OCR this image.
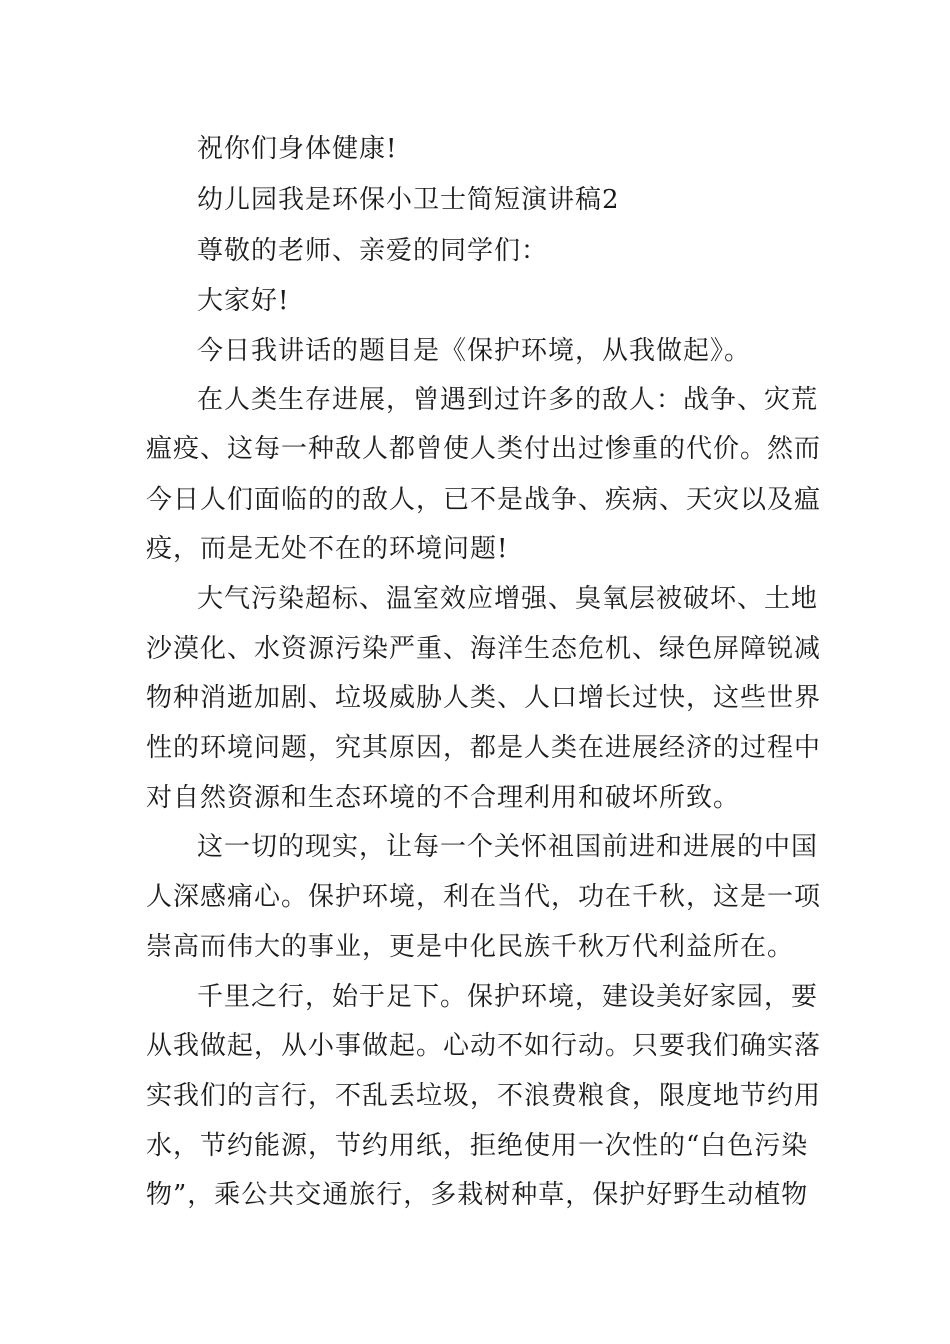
祝你们身体健康!
幼儿园我是环保小卫士简短演讲稿2
尊敬的老师、亲爱的同学们：
大家好!
今日我讲话的题目是《保护环境，从我做起》。
在人类生存进展，曾遇到过许多的敌人：战争、灾荒
瘟疫、这每一种敌人都曾使人类付出过惨重的代价。然而
今日人们面临的的敌人，已不是战争、疾病、天灾以及瘟
疫，而是无处不在的环境问题!
大气污染超标、温室效应增强、臭氧层被破坏、土地
沙漠化、水资源污染严重、海洋生态危机、绿色屏障锐减
物种消逝加剧、垃圾威胁人类、人口增长过快，这些世界
性的环境问题，究其原因，都是人类在进展经济的过程中
对自然资源和生态环境的不合理利用和破坏所致。
这一切的现实，让每一个关怀祖国前进和进展的中国
人深感痛心。保护环境，利在当代，功在千秋，这是一项
崇高而伟大的事业，更是中化民族千秋万代利益所在。
千里之行，始于足下。保护环境，建设美好家园，要
从我做起，从小事做起。心动不如行动。只要我们确实落
实我们的言行，不乱丢垃圾，不浪费粮食，限度地节约用
水，节约能源，节约用纸，拒绝使用一次性的“白色污染
物”，乘公共交通旅行，多栽树种草，保护好野生动植物
